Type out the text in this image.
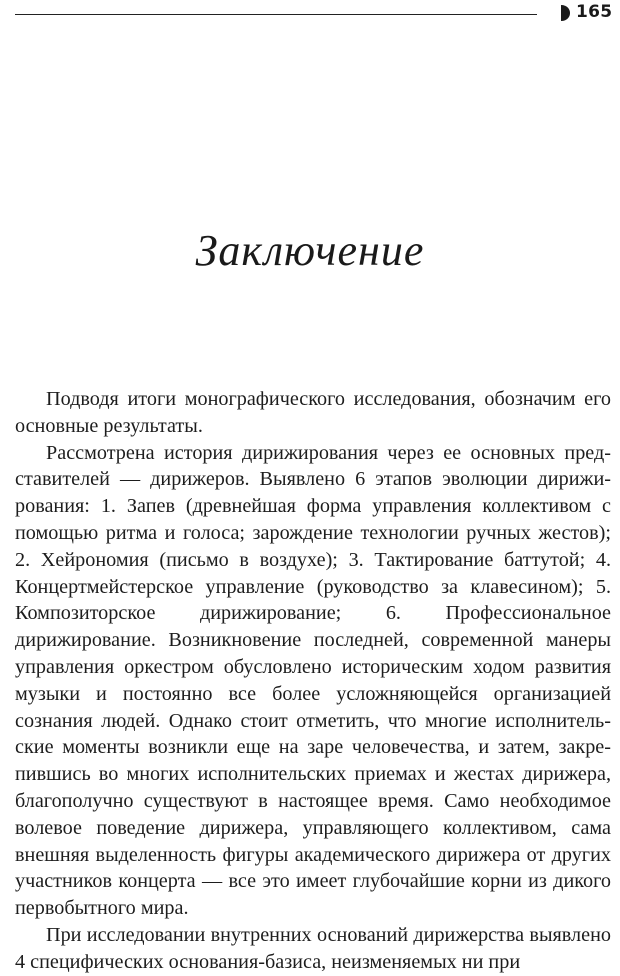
165
Заключение

Подводя итоги монографического исследования, обозначим его основные результаты.

Рассмотрена история дирижирования через ее основных представителей — дирижеров. Выявлено 6 этапов эволюции дирижирования: 1. Запев (древнейшая форма управления коллективом с помощью ритма и голоса; зарождение технологии ручных жестов); 2. Хейрономия (письмо в воздухе); 3. Тактирование баттутой; 4. Концертмейстерское управление (руководство за клавесином); 5. Композиторское дирижирование; 6. Профессиональное дирижирование. Возникновение последней, современной манеры управления оркестром обусловлено историческим ходом развития музыки и постоянно все более усложняющейся организацией сознания людей. Однако стоит отметить, что многие исполнительские моменты возникли еще на заре человечества, и затем, закрепившись во многих исполнительских приемах и жестах дирижера, благополучно существуют в настоящее время. Само необходимое волевое поведение дирижера, управляющего коллективом, сама внешняя выделенность фигуры академического дирижера от других участников концерта — все это имеет глубочайшие корни из дикого первобытного мира.

При исследовании внутренних оснований дирижерства выявлено 4 специфических основания-базиса, неизменяемых ни при
